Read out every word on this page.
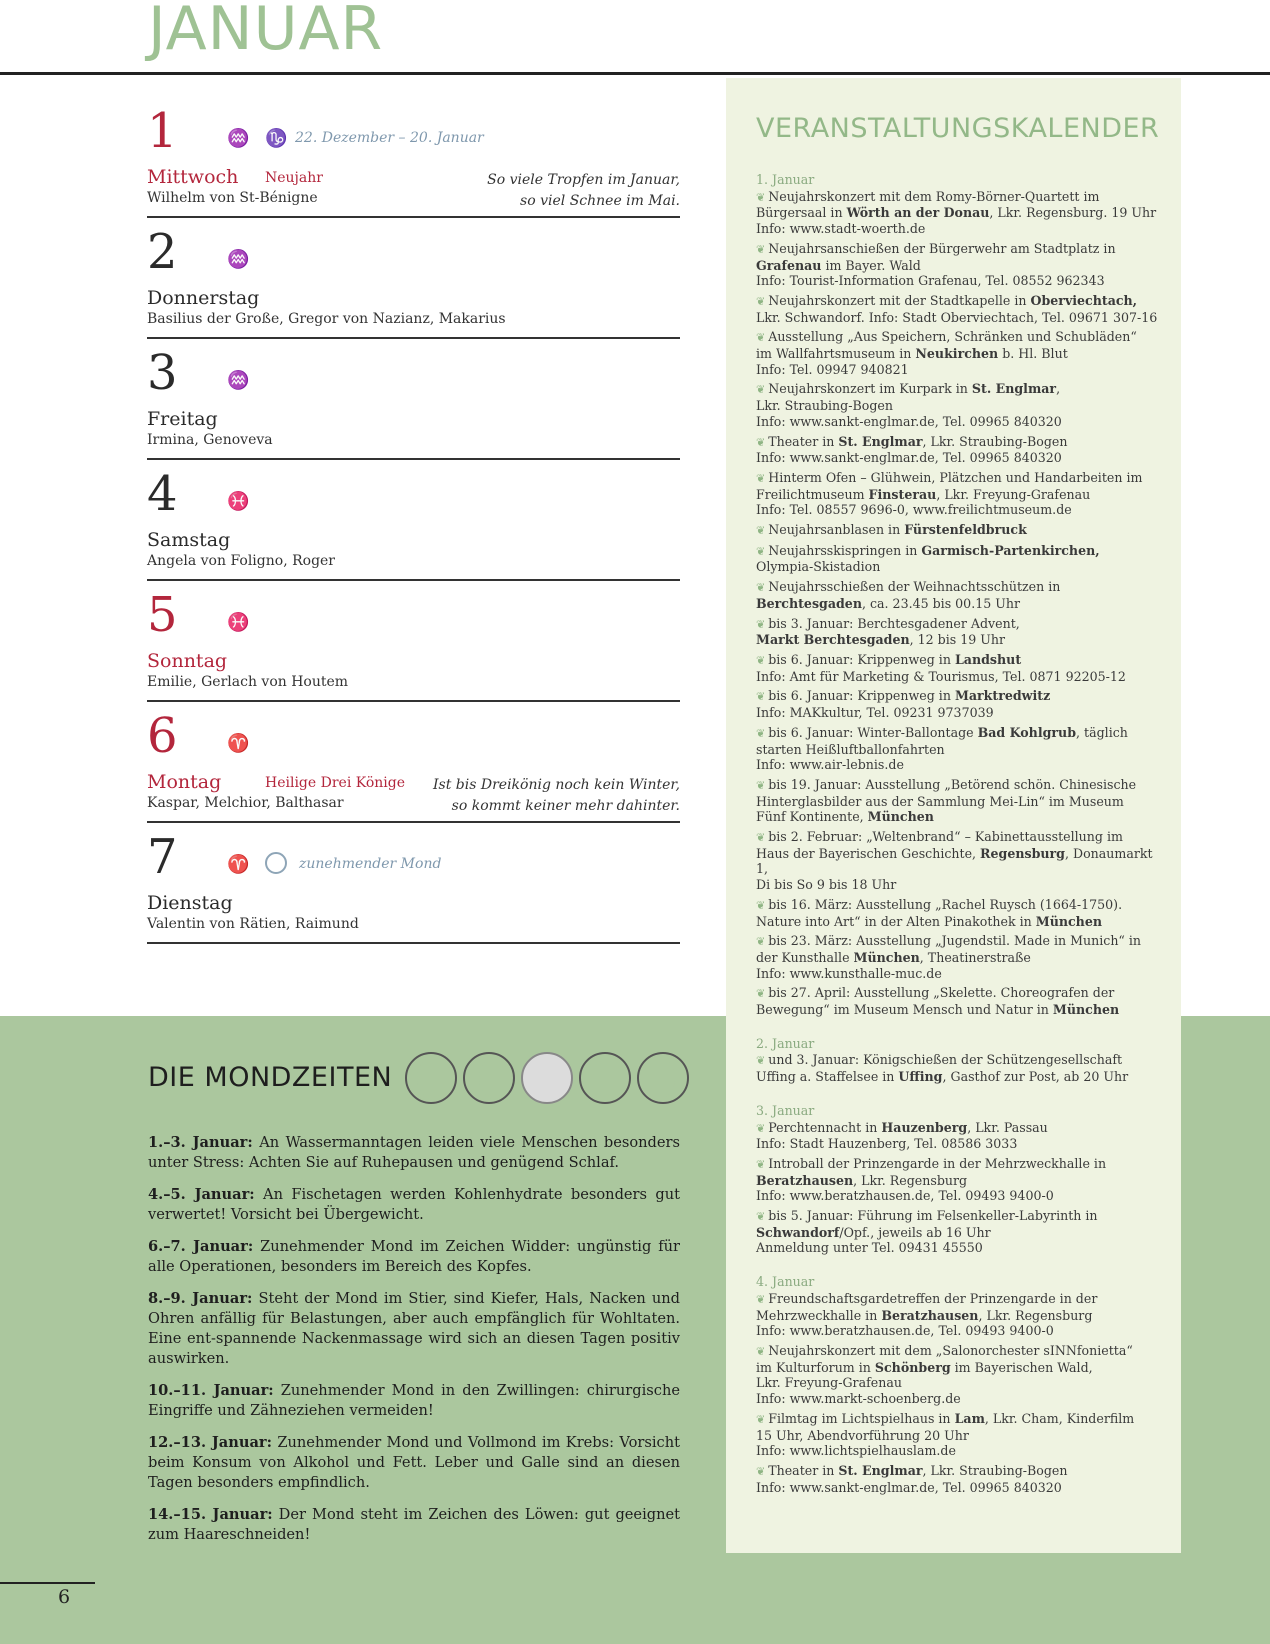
JANUAR
1	♒ ♑ 22. Dezember – 20. Januar
Mittwoch Neujahr
Wilhelm von St-Bénigne
So viele Tropfen im Januar,
so viel Schnee im Mai.
2	♒
Donnerstag
Basilius der Große, Gregor von Nazianz, Makarius
3	♒
Freitag
Irmina, Genoveva
4	♓
Samstag
Angela von Foligno, Roger
5	♓
Sonntag
Emilie, Gerlach von Houtem
6	♈
Montag	Heilige Drei Könige
Kaspar, Melchior, Balthasar
Ist bis Dreikönig noch kein Winter,
so kommt keiner mehr dahinter.
7	♈	zunehmender Mond
Dienstag
Valentin von Rätien, Raimund
VERANSTALTUNGSKALENDER
1. Januar
❦ Neujahrskonzert mit dem Romy-Börner-Quartett im
Bürgersaal in Wörth an der Donau, Lkr. Regensburg. 19 Uhr
Info: www.stadt-woerth.de
❦ Neujahrsanschießen der Bürgerwehr am Stadtplatz in
Grafenau im Bayer. Wald
Info: Tourist-Information Grafenau, Tel. 08552 962343
❦ Neujahrskonzert mit der Stadtkapelle in Oberviechtach,
Lkr. Schwandorf. Info: Stadt Oberviechtach, Tel. 09671 307-16
❦ Ausstellung „Aus Speichern, Schränken und Schubläden“
im Wallfahrtsmuseum in Neukirchen b. Hl. Blut
Info: Tel. 09947 940821
❦ Neujahrskonzert im Kurpark in St. Englmar,
Lkr. Straubing-Bogen
Info: www.sankt-englmar.de, Tel. 09965 840320
❦ Theater in St. Englmar, Lkr. Straubing-Bogen
Info: www.sankt-englmar.de, Tel. 09965 840320
❦ Hinterm Ofen – Glühwein, Plätzchen und Handarbeiten im
Freilichtmuseum Finsterau, Lkr. Freyung-Grafenau
Info: Tel. 08557 9696-0, www.freilichtmuseum.de
❦ Neujahrsanblasen in Fürstenfeldbruck
❦ Neujahrsskispringen in Garmisch-Partenkirchen,
Olympia-Skistadion
❦ Neujahrsschießen der Weihnachtsschützen in
Berchtesgaden, ca. 23.45 bis 00.15 Uhr
❦ bis 3. Januar: Berchtesgadener Advent,
Markt Berchtesgaden, 12 bis 19 Uhr
❦ bis 6. Januar: Krippenweg in Landshut
Info: Amt für Marketing & Tourismus, Tel. 0871 92205-12
❦ bis 6. Januar: Krippenweg in Marktredwitz
Info: MAKkultur, Tel. 09231 9737039
❦ bis 6. Januar: Winter-Ballontage Bad Kohlgrub, täglich
starten Heißluftballonfahrten
Info: www.air-lebnis.de
❦ bis 19. Januar: Ausstellung „Betörend schön. Chinesische
Hinterglasbilder aus der Sammlung Mei-Lin“ im Museum
Fünf Kontinente, München
❦ bis 2. Februar: „Weltenbrand“ – Kabinettausstellung im
Haus der Bayerischen Geschichte, Regensburg, Donaumarkt 1,
Di bis So 9 bis 18 Uhr
❦ bis 16. März: Ausstellung „Rachel Ruysch (1664-1750).
Nature into Art“ in der Alten Pinakothek in München
❦ bis 23. März: Ausstellung „Jugendstil. Made in Munich“ in
der Kunsthalle München, Theatinerstraße
Info: www.kunsthalle-muc.de
❦ bis 27. April: Ausstellung „Skelette. Choreografen der
Bewegung“ im Museum Mensch und Natur in München
2. Januar
❦ und 3. Januar: Königschießen der Schützengesellschaft
Uffing a. Staffelsee in Uffing, Gasthof zur Post, ab 20 Uhr
3. Januar
❦ Perchtennacht in Hauzenberg, Lkr. Passau
Info: Stadt Hauzenberg, Tel. 08586 3033
❦ Introball der Prinzengarde in der Mehrzweckhalle in
Beratzhausen, Lkr. Regensburg
Info: www.beratzhausen.de, Tel. 09493 9400-0
❦ bis 5. Januar: Führung im Felsenkeller-Labyrinth in
Schwandorf/Opf., jeweils ab 16 Uhr
Anmeldung unter Tel. 09431 45550
4. Januar
❦ Freundschaftsgardetreffen der Prinzengarde in der
Mehrzweckhalle in Beratzhausen, Lkr. Regensburg
Info: www.beratzhausen.de, Tel. 09493 9400-0
❦ Neujahrskonzert mit dem „Salonorchester sINNfonietta“
im Kulturforum in Schönberg im Bayerischen Wald,
Lkr. Freyung-Grafenau
Info: www.markt-schoenberg.de
❦ Filmtag im Lichtspielhaus in Lam, Lkr. Cham, Kinderfilm
15 Uhr, Abendvorführung 20 Uhr
Info: www.lichtspielhauslam.de
❦ Theater in St. Englmar, Lkr. Straubing-Bogen
Info: www.sankt-englmar.de, Tel. 09965 840320
DIE MONDZEITEN

1.–3. Januar: An Wassermanntagen leiden viele Menschen besonders unter Stress: Achten Sie auf Ruhepausen und genügend Schlaf.

4.–5. Januar: An Fischetagen werden Kohlenhydrate besonders gut verwertet! Vorsicht bei Übergewicht.

6.–7. Januar: Zunehmender Mond im Zeichen Widder: ungünstig für alle Operationen, besonders im Bereich des Kopfes.

8.–9. Januar: Steht der Mond im Stier, sind Kiefer, Hals, Nacken und Ohren anfällig für Belastungen, aber auch empfänglich für Wohltaten. Eine ent-spannende Nackenmassage wird sich an diesen Tagen positiv auswirken.

10.–11. Januar: Zunehmender Mond in den Zwillingen: chirurgische Eingriffe und Zähneziehen vermeiden!

12.–13. Januar: Zunehmender Mond und Vollmond im Krebs: Vorsicht beim Konsum von Alkohol und Fett. Leber und Galle sind an diesen Tagen besonders empfindlich.

14.–15. Januar: Der Mond steht im Zeichen des Löwen: gut geeignet zum Haareschneiden!

6
